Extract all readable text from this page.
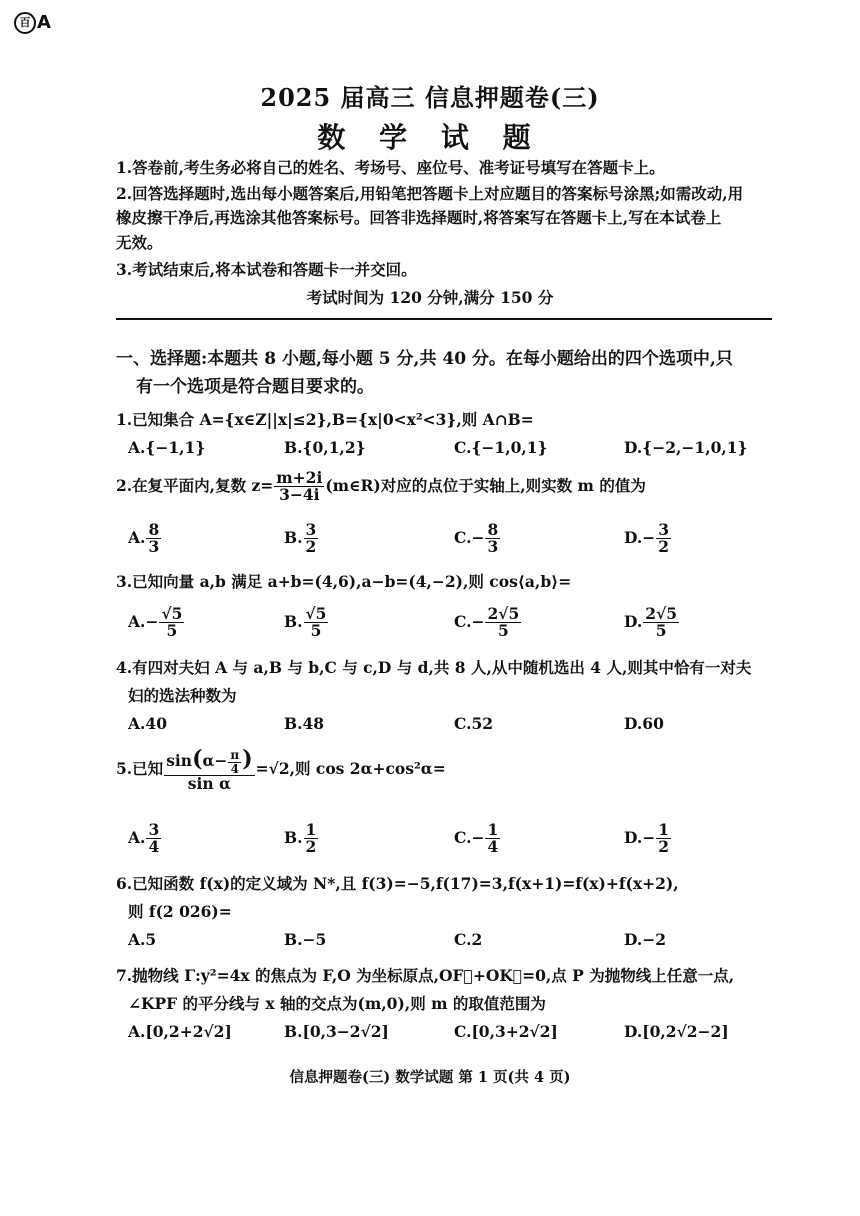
百 A
2025 届高三 信息押题卷(三)
数 学 试 题
1.答卷前,考生务必将自己的姓名、考场号、座位号、准考证号填写在答题卡上。
2.回答选择题时,选出每小题答案后,用铅笔把答题卡上对应题目的答案标号涂黑;如需改动,用
橡皮擦干净后,再选涂其他答案标号。回答非选择题时,将答案写在答题卡上,写在本试卷上
无效。
3.考试结束后,将本试卷和答题卡一并交回。
考试时间为 120 分钟,满分 150 分
一、选择题:本题共 8 小题,每小题 5 分,共 40 分。在每小题给出的四个选项中,只
有一个选项是符合题目要求的。
1.已知集合 A={x∈Z||x|≤2},B={x|0<x²<3},则 A∩B=
A.{−1,1}	B.{0,1,2}	C.{−1,0,1}	D.{−2,−1,0,1}
2.在复平面内,复数 $z= \frac{m+2i}{3-4i}$ (m∈R)对应的点位于实轴上,则实数 m 的值为
A. $\frac{8}{3}$	B. $\frac{3}{2}$	$C.- \frac{8}{3}$	$D.- \frac{3}{2}$
3.已知向量 a,b 满足 a+b=(4,6),a−b=(4,−2),则 cos⟨a,b⟩=
$A.- \frac{√5}{5}$	B. $\frac{√5}{5}$	$C.- \frac{2√5}{5}$	D. $\frac{2√5}{5}$
4.有四对夫妇 A 与 a,B 与 b,C 与 c,D 与 d,共 8 人,从中随机选出 4 人,则其中恰有一对夫
妇的选法种数为
A.40	B.48	C.52	D.60
5.已知 $\frac{\sin(\alpha- \frac{\pi}{4} )}{\text{sin α}} =√2$,则 cos 2α+cos²α=
A. $\frac{3}{4}$	B. $\frac{1}{2}$	$C.- \frac{1}{4}$	$D.- \frac{1}{2}$
6.已知函数 f(x)的定义域为 N*,且 f(3)=−5,f(17)=3,f(x+1)=f(x)+f(x+2),
则 f(2 026)=
A.5	B.−5	C.2	D.−2
7.抛物线 Γ:y²=4x 的焦点为 F,O 为坐标原点,OF⃗+OK⃗=0,点 P 为抛物线上任意一点,
∠KPF 的平分线与 x 轴的交点为(m,0),则 m 的取值范围为
A.[0,2+2√2]	B.[0,3−2√2]	C.[0,3+2√2]	D.[0,2√2−2]
信息押题卷(三) 数学试题 第 1 页(共 4 页)
